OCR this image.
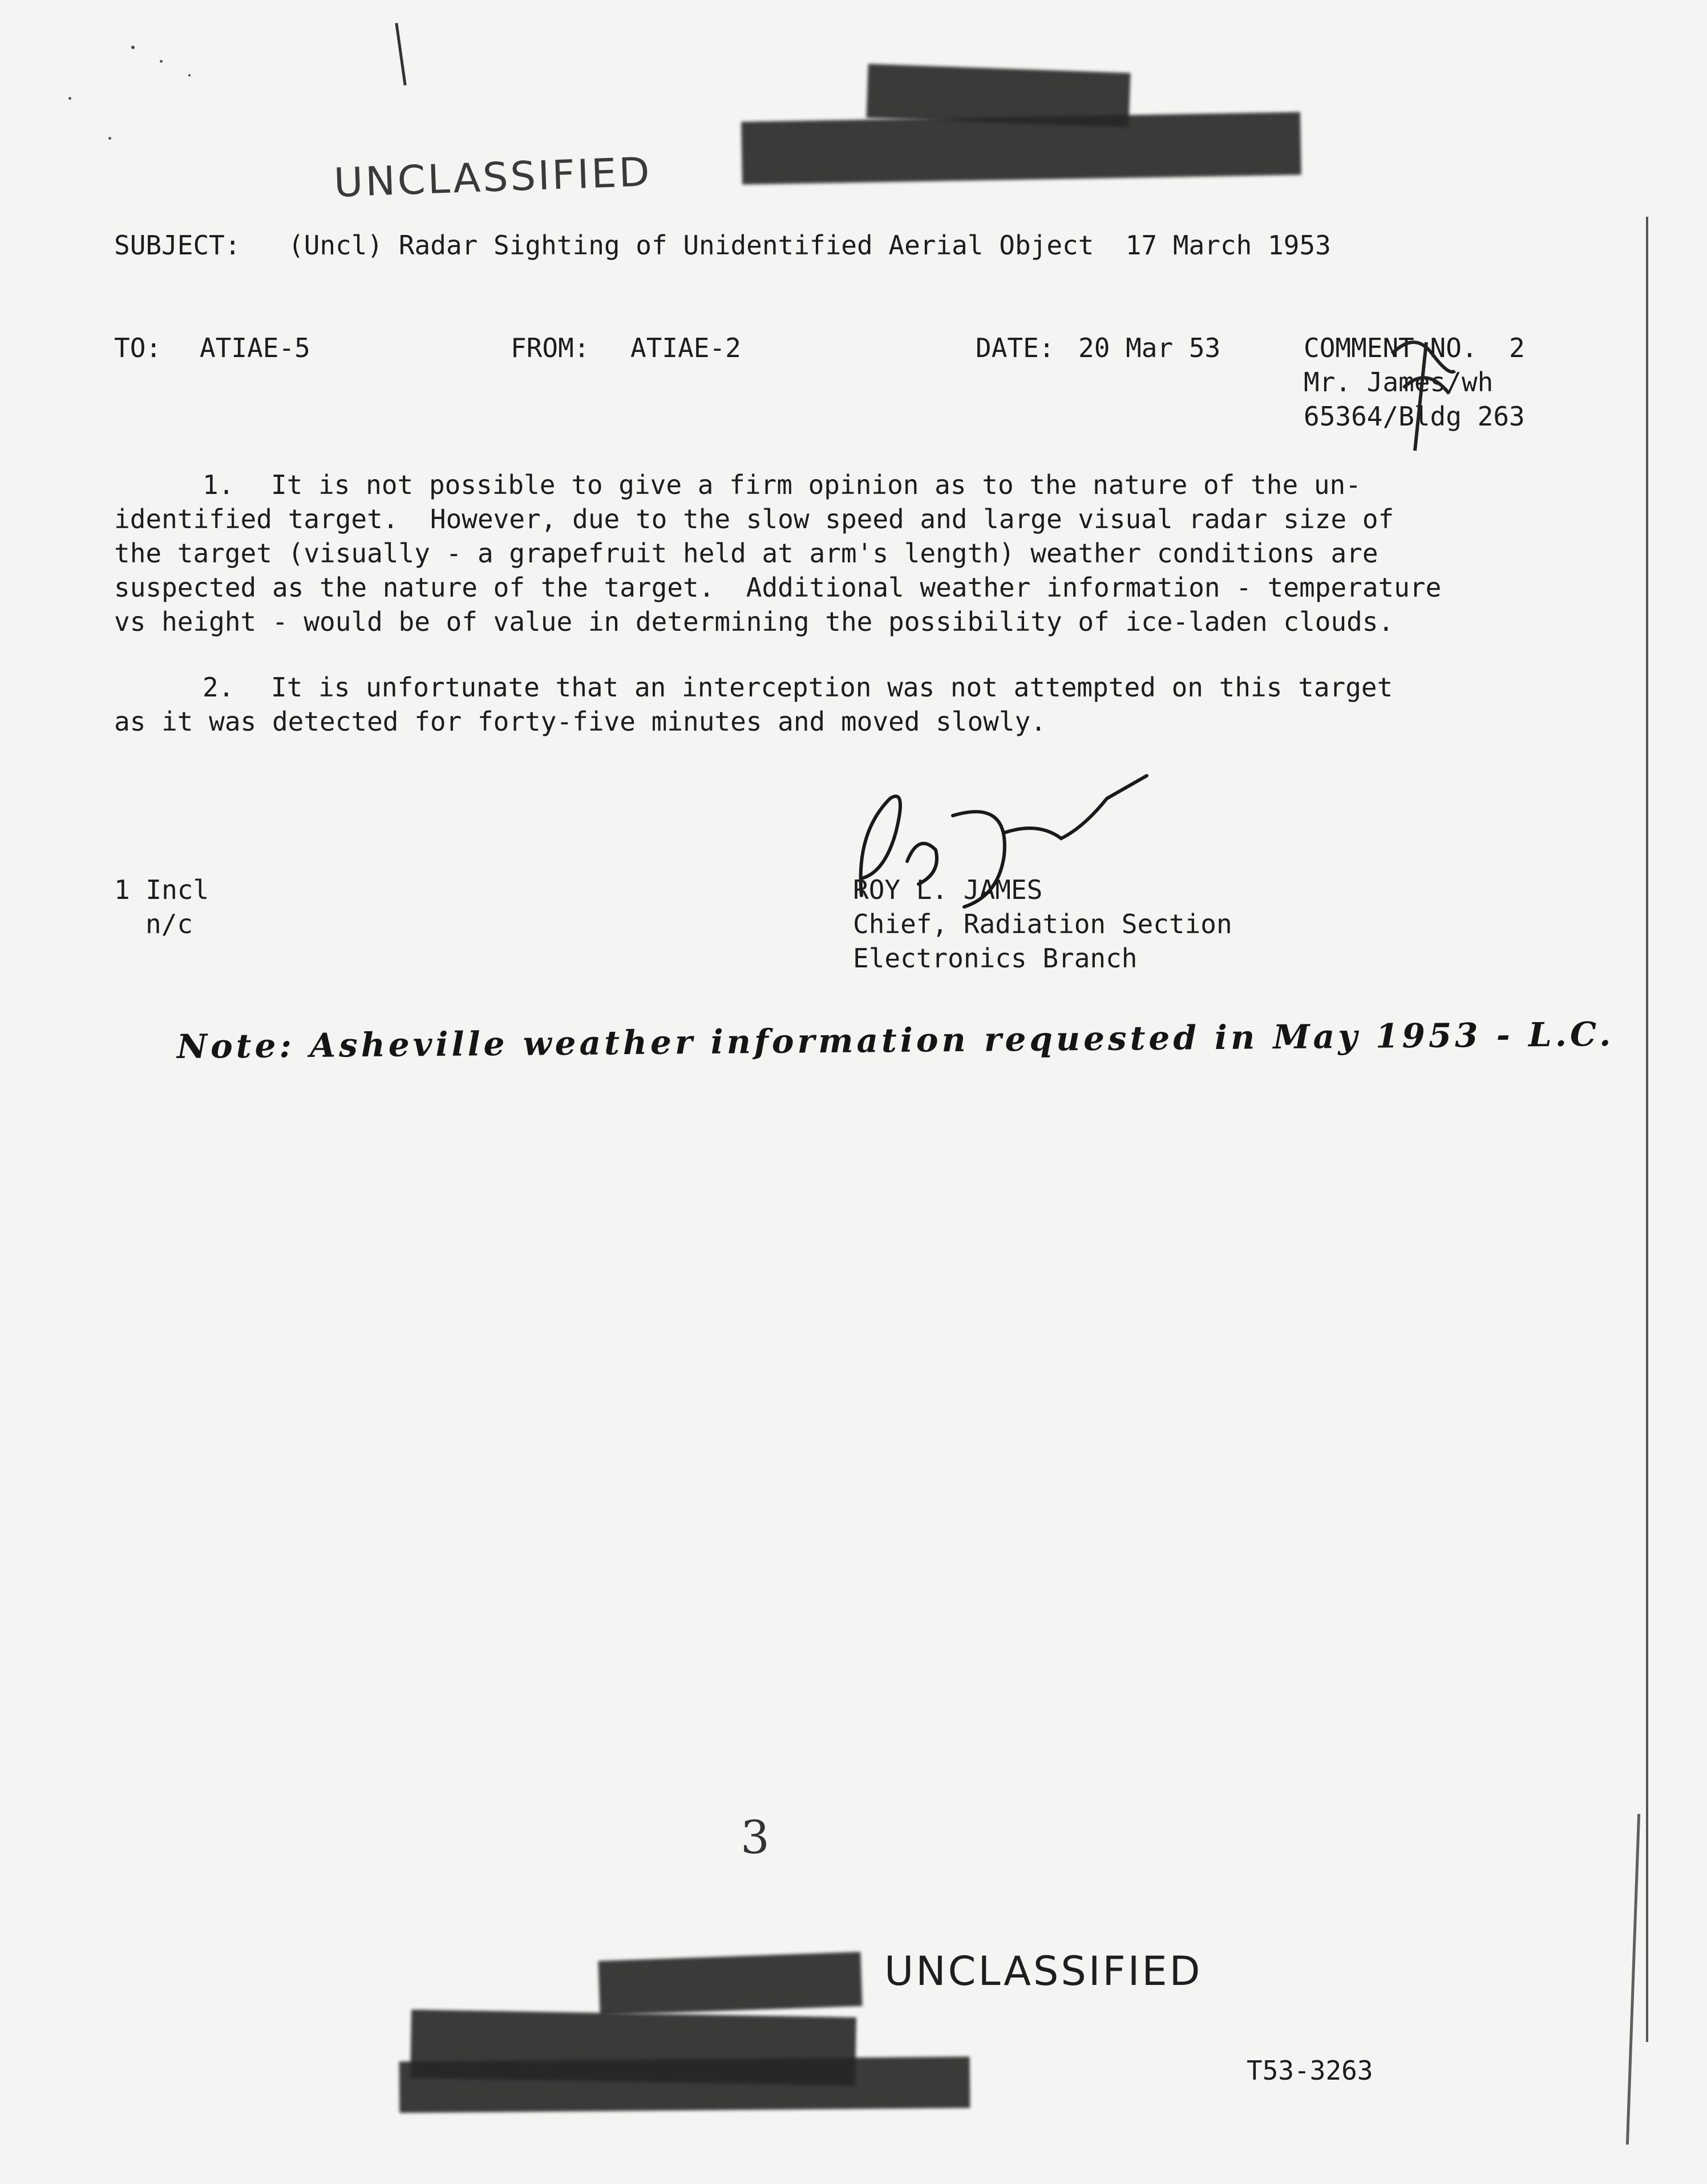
UNCLASSIFIED
SUBJECT: (Uncl) Radar Sighting of Unidentified Aerial Object  17 March 1953
TO: ATIAE-5	FROM: ATIAE-2	DATE: 20 Mar 53	COMMENT NO. 2
Mr. James/wh
65364/Bldg 263
1. It is not possible to give a firm opinion as to the nature of the un-
identified target.  However, due to the slow speed and large visual radar size of
the target (visually - a grapefruit held at arm's length) weather conditions are
suspected as the nature of the target.  Additional weather information - temperature
vs height - would be of value in determining the possibility of ice-laden clouds.
2. It is unfortunate that an interception was not attempted on this target
as it was detected for forty-five minutes and moved slowly.
1 Incl
n/c
ROY L. JAMES
Chief, Radiation Section
Electronics Branch
Note: Asheville weather information requested in May 1953 - L.C.
3
UNCLASSIFIED
T53-3263
